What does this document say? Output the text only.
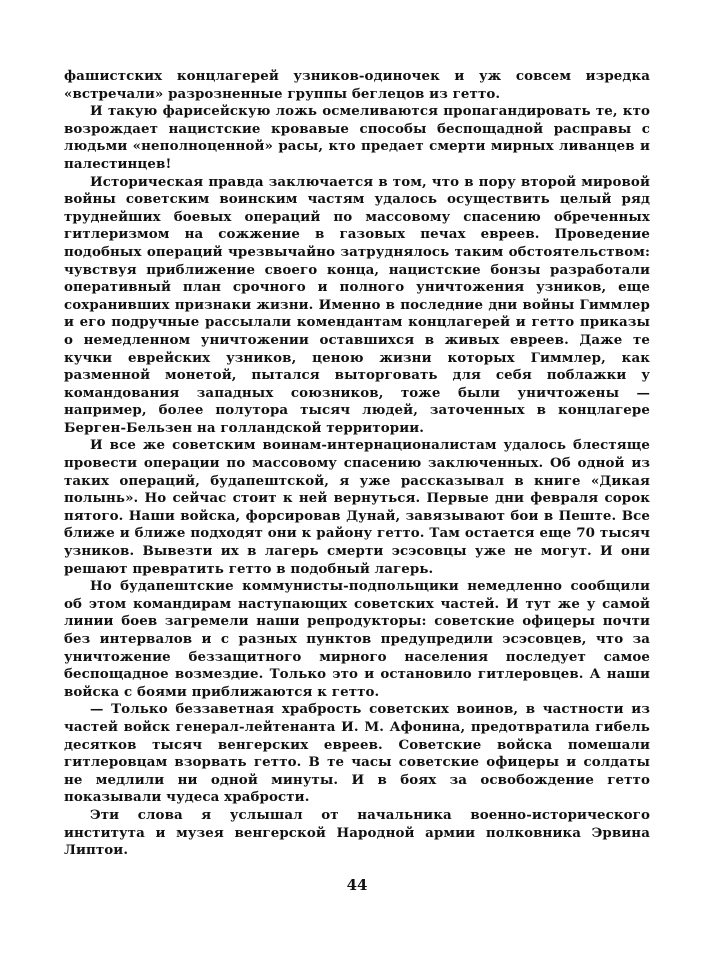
фашистских концлагерей узников-одиночек и уж совсем изредка «встречали» разрозненные группы беглецов из гетто.

И такую фарисейскую ложь осмеливаются пропагандировать те, кто возрождает нацистские кровавые способы беспощадной расправы с людьми «неполноценной» расы, кто предает смерти мирных ливанцев и палестинцев!

Историческая правда заключается в том, что в пору второй мировой войны советским воинским частям удалось осуществить целый ряд труднейших боевых операций по массовому спасению обреченных гитлеризмом на сожжение в газовых печах евреев. Проведение подобных операций чрезвычайно затруднялось таким обстоятельством: чувствуя приближение своего конца, нацистские бонзы разработали оперативный план срочного и полного уничтожения узников, еще сохранивших признаки жизни. Именно в последние дни войны Гиммлер и его подручные рассылали комендантам концлагерей и гетто приказы о немедленном уничтожении оставшихся в живых евреев. Даже те кучки еврейских узников, ценою жизни которых Гиммлер, как разменной монетой, пытался выторговать для себя поблажки у командования западных союзников, тоже были уничтожены — например, более полутора тысяч людей, заточенных в концлагере Берген-Бельзен на голландской территории.

И все же советским воинам-интернационалистам удалось блестяще провести операции по массовому спасению заключенных. Об одной из таких операций, будапештской, я уже рассказывал в книге «Дикая полынь». Но сейчас стоит к ней вернуться. Первые дни февраля сорок пятого. Наши войска, форсировав Дунай, завязывают бои в Пеште. Все ближе и ближе подходят они к району гетто. Там остается еще 70 тысяч узников. Вывезти их в лагерь смерти эсэсовцы уже не могут. И они решают превратить гетто в подобный лагерь.

Но будапештские коммунисты-подпольщики немедленно сообщили об этом командирам наступающих советских частей. И тут же у самой линии боев загремели наши репродукторы: советские офицеры почти без интервалов и с разных пунктов предупредили эсэсовцев, что за уничтожение беззащитного мирного населения последует самое беспощадное возмездие. Только это и остановило гитлеровцев. А наши войска с боями приближаются к гетто.

— Только беззаветная храбрость советских воинов, в частности из частей войск генерал-лейтенанта И. М. Афонина, предотвратила гибель десятков тысяч венгерских евреев. Советские войска помешали гитлеровцам взорвать гетто. В те часы советские офицеры и солдаты не медлили ни одной минуты. И в боях за освобождение гетто показывали чудеса храбрости.

Эти слова я услышал от начальника военно-исторического института и музея венгерской Народной армии полковника Эрвина Липтои.

44
